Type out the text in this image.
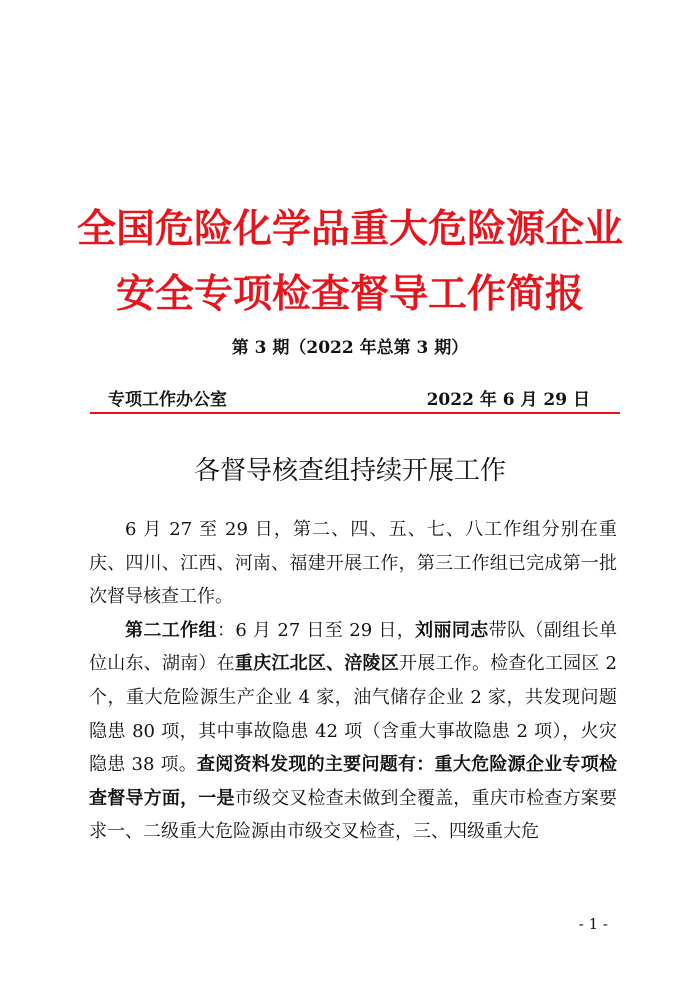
全国危险化学品重大危险源企业
安全专项检查督导工作简报
第 3 期（2022 年总第 3 期）
专项工作办公室	2022 年 6 月 29 日
各督导核查组持续开展工作

6 月 27 至 29 日，第二、四、五、七、八工作组分别在重庆、四川、江西、河南、福建开展工作，第三工作组已完成第一批次督导核查工作。

第二工作组：6 月 27 日至 29 日，刘丽同志带队（副组长单位山东、湖南）在重庆江北区、涪陵区开展工作。检查化工园区 2 个，重大危险源生产企业 4 家，油气储存企业 2 家，共发现问题隐患 80 项，其中事故隐患 42 项（含重大事故隐患 2 项），火灾隐患 38 项。查阅资料发现的主要问题有：重大危险源企业专项检查督导方面，一是市级交叉检查未做到全覆盖，重庆市检查方案要求一、二级重大危险源由市级交叉检查，三、四级重大危

- 1 -
